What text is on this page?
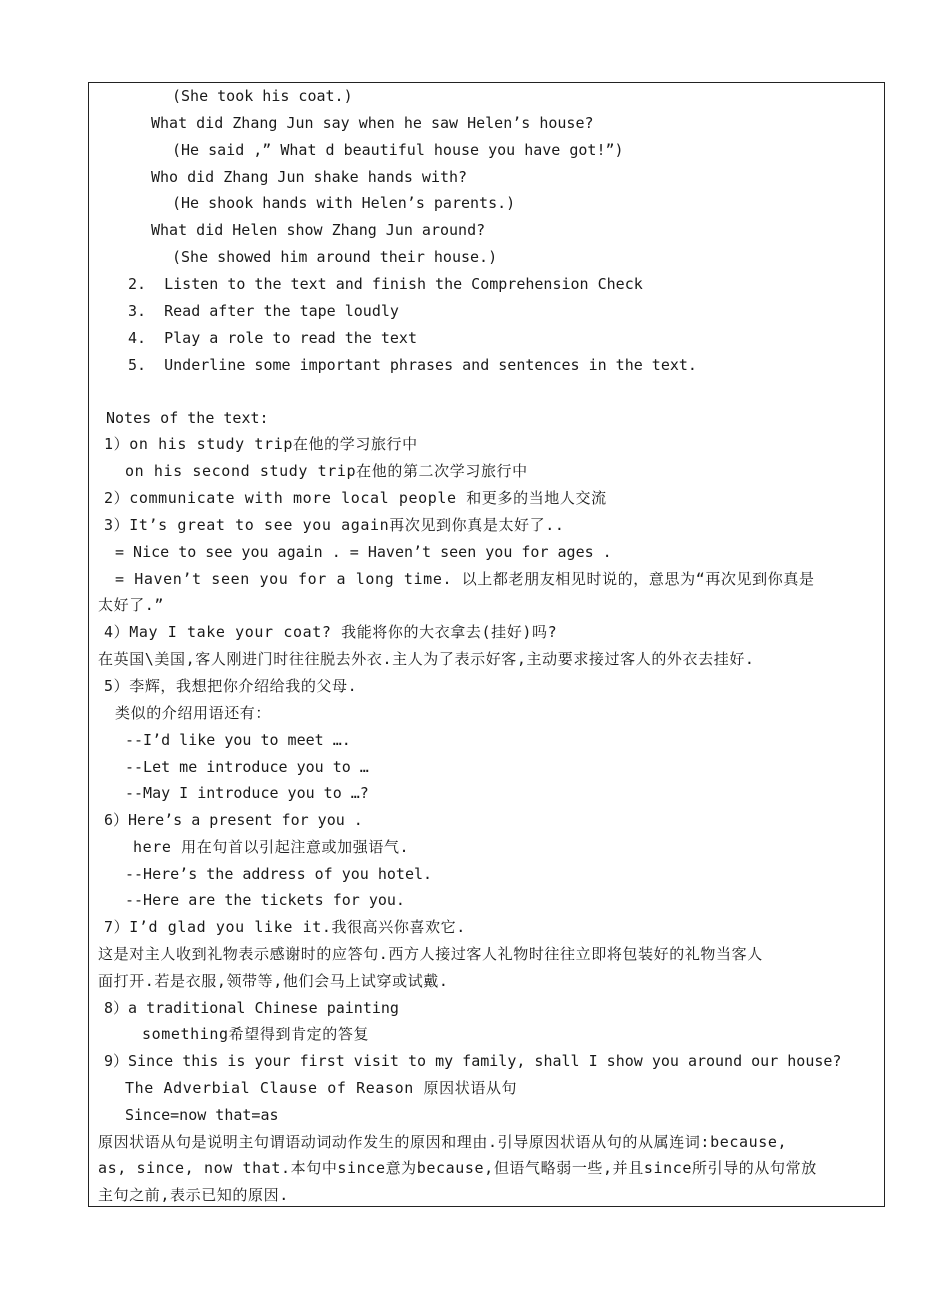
(She took his coat.)
What did Zhang Jun say when he saw Helen’s house?
(He said ,” What d beautiful house you have got!”)
Who did Zhang Jun shake hands with?
(He shook hands with Helen’s parents.)
What did Helen show Zhang Jun around?
(She showed him around their house.)
2.  Listen to the text and finish the Comprehension Check
3.  Read after the tape loudly
4.  Play a role to read the text
5.  Underline some important phrases and sentences in the text.
Notes of the text:
1）on his study trip在他的学习旅行中
on his second study trip在他的第二次学习旅行中
2）communicate with more local people 和更多的当地人交流
3）It’s great to see you again再次见到你真是太好了..
= Nice to see you again . = Haven’t seen you for ages .
= Haven’t seen you for a long time. 以上都老朋友相见时说的，意思为“再次见到你真是
太好了.”
4）May I take your coat? 我能将你的大衣拿去(挂好)吗?
在英国\美国,客人刚进门时往往脱去外衣.主人为了表示好客,主动要求接过客人的外衣去挂好.
5）李辉，我想把你介绍给我的父母.
类似的介绍用语还有：
--I’d like you to meet ….
--Let me introduce you to …
--May I introduce you to …?
6）Here’s a present for you .
here 用在句首以引起注意或加强语气.
--Here’s the address of you hotel.
--Here are the tickets for you.
7）I’d glad you like it.我很高兴你喜欢它.
这是对主人收到礼物表示感谢时的应答句.西方人接过客人礼物时往往立即将包装好的礼物当客人
面打开.若是衣服,领带等,他们会马上试穿或试戴.
8）a traditional Chinese painting
something希望得到肯定的答复
9）Since this is your first visit to my family, shall I show you around our house?
The Adverbial Clause of Reason 原因状语从句
Since=now that=as
原因状语从句是说明主句谓语动词动作发生的原因和理由.引导原因状语从句的从属连词:because,
as, since, now that.本句中since意为because,但语气略弱一些,并且since所引导的从句常放
主句之前,表示已知的原因.
